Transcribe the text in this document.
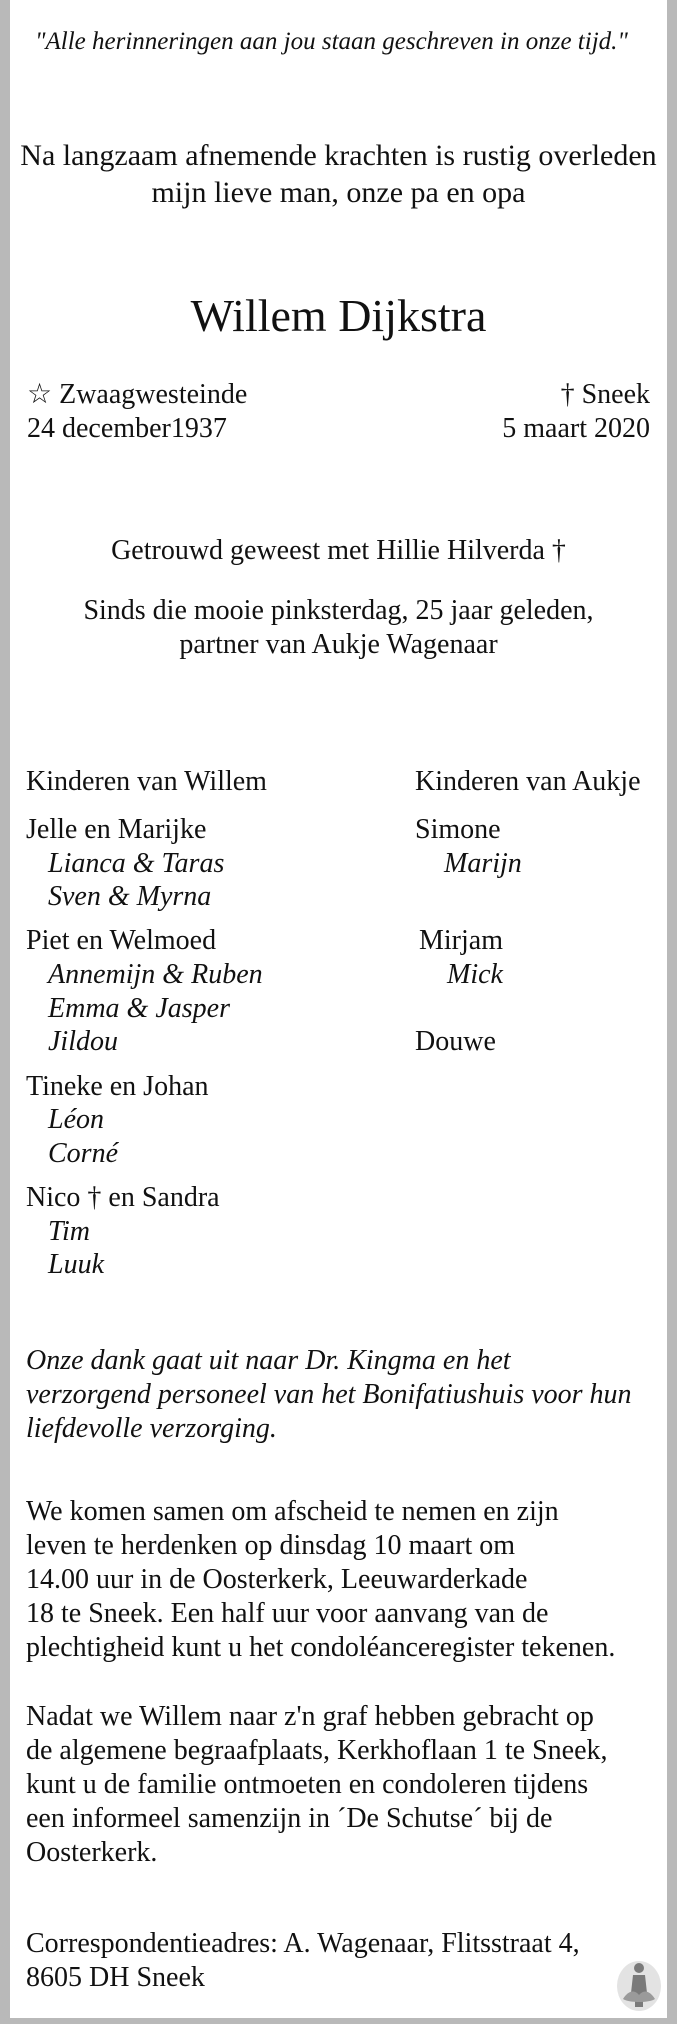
"Alle herinneringen aan jou staan geschreven in onze tijd."
Na langzaam afnemende krachten is rustig overleden
mijn lieve man, onze pa en opa
Willem Dijkstra
☆ Zwaagwesteinde
24 december1937
† Sneek
5 maart 2020
Getrouwd geweest met Hillie Hilverda †
Sinds die mooie pinksterdag, 25 jaar geleden,
partner van Aukje Wagenaar
Kinderen van Willem
Jelle en Marijke
Lianca & Taras
Sven & Myrna
Piet en Welmoed
Annemijn & Ruben
Emma & Jasper
Jildou
Tineke en Johan
Léon
Corné
Nico † en Sandra
Tim
Luuk
Kinderen van Aukje
Simone
Marijn
Mirjam
Mick
Douwe
Onze dank gaat uit naar Dr. Kingma en het
verzorgend personeel van het Bonifatiushuis voor hun
liefdevolle verzorging.
We komen samen om afscheid te nemen en zijn
leven te herdenken op dinsdag 10 maart om
14.00 uur in de Oosterkerk, Leeuwarderkade
18 te Sneek. Een half uur voor aanvang van de
plechtigheid kunt u het condoléanceregister tekenen.
Nadat we Willem naar z'n graf hebben gebracht op
de algemene begraafplaats, Kerkhoflaan 1 te Sneek,
kunt u de familie ontmoeten en condoleren tijdens
een informeel samenzijn in ´De Schutse´ bij de
Oosterkerk.
Correspondentieadres: A. Wagenaar, Flitsstraat 4,
8605 DH Sneek
